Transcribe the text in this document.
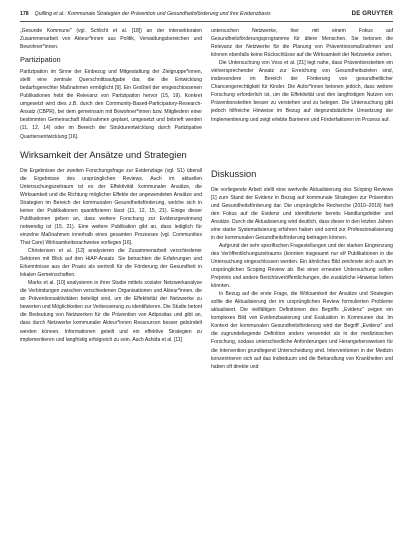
178 Quilling et al.: Kommunale Strategien der Prävention und Gesundheitsförderung und ihre Evidenzbasis	DE GRUYTER

„Gesunde Kommune" (vgl. Schlicht et al. [18]) an der intersektoralen Zusammenarbeit von Akteur*innen aus Politik, Verwaltungsbereichen und Bewohner*innen.

Partizipation

Partizipation im Sinne der Einbezug und Mitgestaltung der Zielgruppe*innen, stellt eine zentrale Querschnittsaufgabe dar, die die Entwicklung bedarfsgerechter Maßnahmen ermöglicht [9]. Ein Großteil der eingeschlossenen Publikationen hebt die Relevanz von Partizipation hervor (15, 19). Konkret umgesetzt wird dies z.B. durch den Community-Based-Participatory-Research-Ansatz (CBPR), bei dem gemeinsam mit Bewohner*innen bzw. Mitgliedern einer bestimmten Gemeinschaft Maßnahmen geplant, umgesetzt und bebrieft werden (11, 12, 14) oder im Bereich der Strukturentwicklung durch Partizipative Quartiersentwicklung [16].

Wirksamkeit der Ansätze und Strategien

Die Ergebnisse der zweiten Forschungsfrage zur Evidenzlage (vgl. S1) überall die Ergebnisse des ursprünglichen Reviews. Auch im aktuellen Untersuchungszeitraum ist es der Effektivität kommunaler Ansätze, die Wirksamkeit und die Richtung möglicher Effekte der angewendeten Ansätze und Strategien im Bereich der kommunalen Gesundheitsförderung, welche sich in keiner der Publikationen quantifizieren lässt (11, 12, 15, 21). Einige dieser Publikationen geben an, dass weitere Forschung zur Evidenzgewinnung notwendig ist (15, 21). Eine weitere Publikation gibt an, dass lediglich für einzelne Maßnahmen innerhalb eines gesamten Prozesses (vgl. Communities That Care) Wirksamkeitsnachweise vorliegen [16].

Christensen et al. [12] analysieren die Zusammenarbeit verschiedener Sektoren mit Blick auf den HiAP-Ansatz. Sie betrachten die Erfahrungen und Erkenntnisse aus der Praxis als wertvoll für die Förderung der Gesundheit in lokalen Gemeinschaften.

Marks et al. [10] analysieren in ihrer Studie mittels sozialer Netzwerkanalyse die Verbindungen zwischen verschiedenen Organisationen und Akteur*innen, die an Präventionsaktivitäten beteiligt sind, um die Effektivität der Netzwerke zu bewerten und Möglichkeiten zur Verbesserung zu identifizieren. Die Studie betont die Bedeutung von Netzwerken für die Prävention von Adipositas und gibt an, dass durch Netzwerke kommunaler Akteur*innen Ressourcen besser gebündelt werden können, Informationen geteilt und ein effektive Strategien zu implementieren und langfristig erfolgreich zu sein. Auch Ashida et al. [11]

untersuchen Netzwerke, hier mit einem Fokus auf Gesundheitsförderungsprogramme für ältere Menschen. Sie betonen die Relevanz der Netzwerke für die Planung von Präventionsmaßnahmen und können ebenfalls keine Rückschlüsse auf die Wirksamkeit der Netzwerke ziehen.

Die Untersuchung von Voss et al. [21] legt nahe, dass Präventionsketten ein vielversprechender Ansatz zur Erreichung von Gesundheitszielen sind, insbesondere im Bereich der Förderung von gesundheitlicher Chancengerechtigkeit für Kinder. Die Autor*innen betonen jedoch, dass weitere Forschung erforderlich ist, um die Effektivität und den langfristigen Nutzen von Präventionsketten besser zu verstehen und zu belegen. Die Untersuchung gibt jedoch hilfreiche Hinweise im Bezug auf diegrundsätzliche Umsetzung der Implementierung und zeigt erlebte Barrieren und Förderfaktoren im Prozess auf.

Diskussion

Die vorliegende Arbeit stellt eine wertvolle Aktualisierung des Scoping Reviews [1] zum Stand der Evidenz in Bezug auf kommunale Strategien zur Prävention und Gesundheitsförderung dar. Die ursprüngliche Recherche (2010–2018) hielt den Fokus auf die Evidenz und identifizierte bereits Handlungsfelder und Ansätze. Durch die Aktualisierung wird deutlich, dass dieser in den letzten Jahren eine starke Systematisierung erfahren haben und somit zur Professionalisierung in der kommunalen Gesundheitsförderung beitragen können.

Aufgrund der sehr spezifischen Fragestellungen und der starken Eingrenzung des Veröffentlichungszeitraums (konnten insgesamt nur elf Publikationen in die Untersuchung eingeschlossen werden. Ein ähnliches Bild zeichnete sich auch im ursprünglichen Scoping Review ab. Bei einer erneuten Untersuchung sollten Preprints und andere Berichtsveröffentlichungen, die zusätzliche Hinweise liefern könnten.

In Bezug auf die erste Frage, die Wirksamkeit der Ansätze und Strategien sollte die Aktualisierung der im ursprünglichen Review formulierten Probleme aktualisiert. Die vielfältigen Definitionen des Begriffs „Evidenz" zeigen ein komplexes Bild von Evidenzbasierung und Evaluation in Kommunen dar. Im Kontext der kommunalen Gesundheitsförderung wird der Begriff „Evidenz" und die zugrundeliegende Definition anders verwendet als in der medizinischen Forschung, sodass unterschiedliche Anforderungen und Herangehensweisen für die Intervention grundlegend Unterscheidung sind. Interventionen in der Medizin konzentrieren sich auf das Individuum und die Behandlung von Krankheiten und haben oft direkte und
